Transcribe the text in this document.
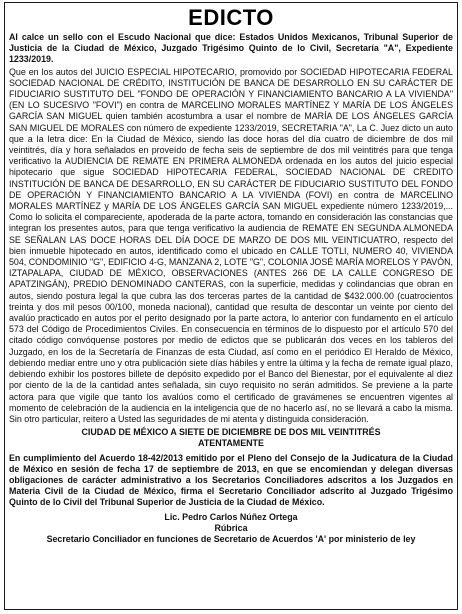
EDICTO

Al calce un sello con el Escudo Nacional que dice: Estados Unidos Mexicanos, Tribunal Superior de Justicia de la Ciudad de México, Juzgado Trigésimo Quinto de lo Civil, Secretaría "A", Expediente 1233/2019.

Que en los autos del JUICIO ESPECIAL HIPOTECARIO, promovido por SOCIEDAD HIPOTECARIA FEDERAL SOCIEDAD NACIONAL DE CRÉDITO, INSTITUCIÓN DE BANCA DE DESARROLLO EN SU CARÁCTER DE FIDUCIARIO SUSTITUTO DEL "FONDO DE OPERACIÓN Y FINANCIAMIENTO BANCARIO A LA VIVIENDA" (EN LO SUCESIVO "FOVI") en contra de MARCELINO MORALES MARTÍNEZ Y MARÍA DE LOS ÁNGELES GARCÍA SAN MIGUEL quien también acostumbra a usar el nombre de MARÍA DE LOS ÁNGELES GARCÍA SAN MIGUEL DE MORALES con número de expediente 1233/2019, SECRETARIA "A", La C. Juez dicto un auto que a la letra dice: En la Ciudad de México, siendo las doce horas del día cuatro de diciembre de dos mil veintitrés, día y hora señalados en proveído de fecha seis de septiembre de dos mil veintitrés para que tenga verificativo la AUDIENCIA DE REMATE EN PRIMERA ALMONEDA ordenada en los autos del juicio especial hipotecario que sigue SOCIEDAD HIPOTECARIA FEDERAL, SOCIEDAD NACIONAL DE CREDITO INSTITUCIÓN DE BANCA DE DESARROLLO, EN SU CARÁCTER DE FIDUCIARIO SUSTITUTO DEL FONDO DE OPERACIÓN Y FINANCIAMIENTO BANCARIO A LA VIVIENDA (FOVI) en contra de MARCELINO MORALES MARTÍNEZ y MARÍA DE LOS ÁNGELES GARCÍA SAN MIGUEL expediente número 1233/2019,... Como lo solicita el compareciente, apoderada de la parte actora, tomando en consideración las constancias que integran los presentes autos, para que tenga verificativo la audiencia de REMATE EN SEGUNDA ALMONEDA SE SEÑALAN LAS DOCE HORAS DEL DÍA DOCE DE MARZO DE DOS MIL VEINTICUATRO, respecto del bien inmueble hipotecado en autos, identificado como el ubicado en CALLE TOTLI, NUMERO 40, VIVIENDA 504, CONDOMINIO "G", EDIFICIO 4-G, MANZANA 2, LOTE "G", COLONIA JOSÉ MARÍA MORELOS Y PAVÓN, IZTAPALAPA, CIUDAD DE MÉXICO, OBSERVACIONES (ANTES 266 DE LA CALLE CONGRESO DE APATZINGÁN), PREDIO DENOMINADO CANTERAS, con la superficie, medidas y colindancias que obran en autos, siendo postura legal la que cubra las dos terceras partes de la cantidad de $432.000.00 (cuatrocientos treinta y dos mil pesos 00/100, moneda nacional), cantidad que resulta de descontar un veinte por ciento del avalúo practicado en autos por el perito designado por la parte actora, lo anterior con fundamento en el artículo 573 del Código de Procedimientos Civiles. En consecuencia en términos de lo dispuesto por el artículo 570 del citado código convóquense postores por medio de edictos que se publicarán dos veces en los tableros del Juzgado, en los de la Secretaría de Finanzas de esta Ciudad, así como en el periódico El Heraldo de México, debiendo mediar entre uno y otra publicación siete días hábiles y entre la última y la fecha de remate igual plazo, debiendo exhibir los postores billete de depósito expedido por el Banco del Bienestar, por el equivalente al diez por ciento de la de la cantidad antes señalada, sin cuyo requisito no serán admitidos. Se previene a la parte actora para que vigile que tanto los avalúos como el certificado de gravámenes se encuentren vigentes al momento de celebración de la audiencia en la inteligencia que de no hacerlo así, no se llevará a cabo la misma. Sin otro particular, reitero a Usted las seguridades de mi atenta y distinguida consideración.

CIUDAD DE MÉXICO A SIETE DE DICIEMBRE DE DOS MIL VEINTITRÉS

ATENTAMENTE

En cumplimiento del Acuerdo 18-42/2013 emitido por el Pleno del Consejo de la Judicatura de la Ciudad de México en sesión de fecha 17 de septiembre de 2013, en que se encomiendan y delegan diversas obligaciones de carácter administrativo a los Secretarios Conciliadores adscritos a los Juzgados en Materia Civil de la Ciudad de México, firma el Secretario Conciliador adscrito al Juzgado Trigésimo Quinto de lo Civil del Tribunal Superior de Justicia de la Ciudad de México.

Lic. Pedro Carlos Núñez Ortega

Rúbrica

Secretario Conciliador en funciones de Secretario de Acuerdos 'A' por ministerio de ley
